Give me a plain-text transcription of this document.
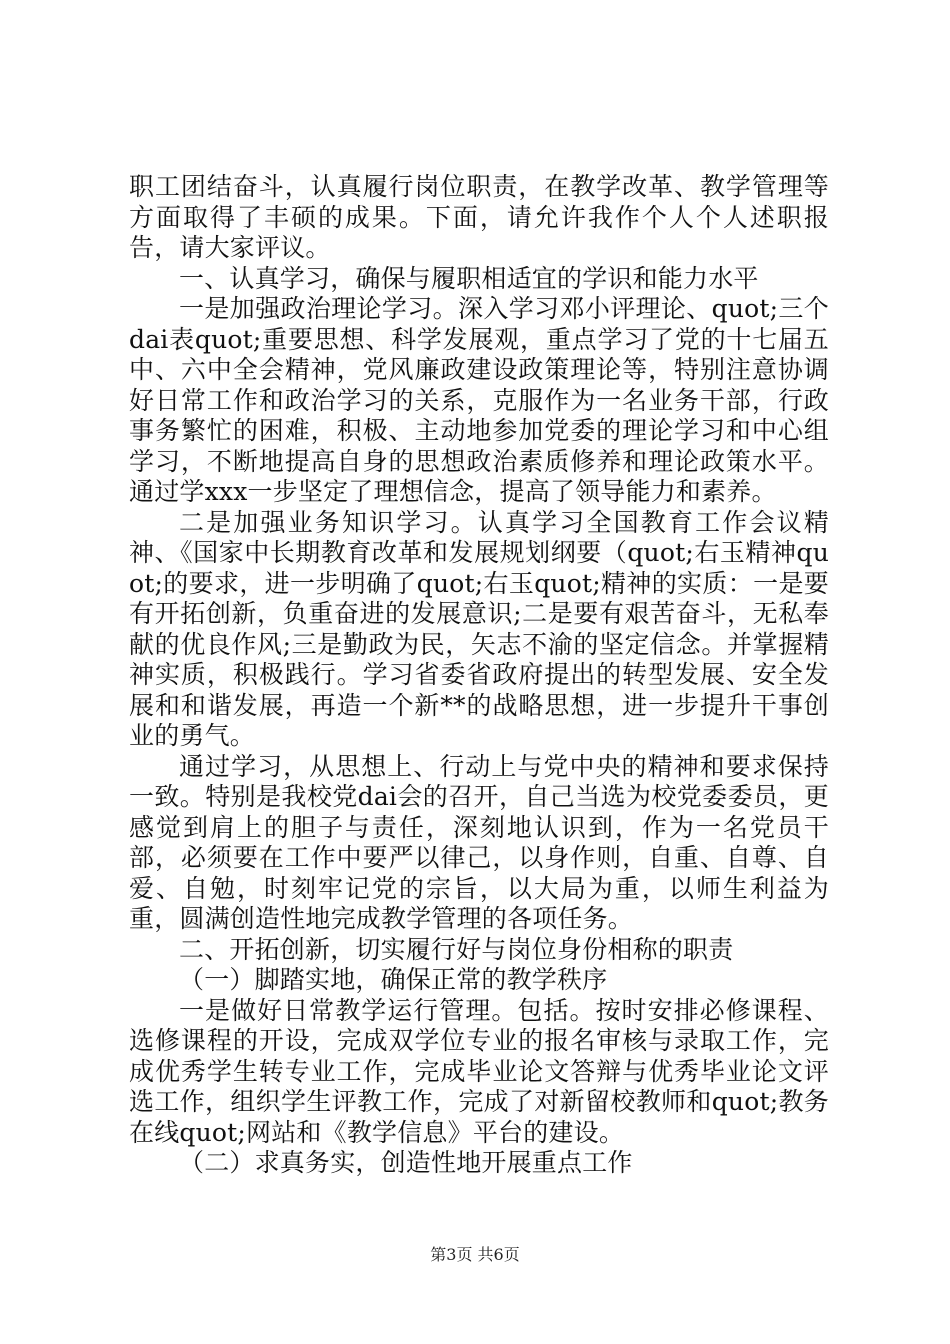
职工团结奋斗，认真履行岗位职责，在教学改革、教学管理等方面取得了丰硕的成果。下面，请允许我作个人个人述职报告，请大家评议。

一、认真学习，确保与履职相适宜的学识和能力水平

一是加强政治理论学习。深入学习邓小评理论、quot;三个dai表quot;重要思想、科学发展观，重点学习了党的十七届五中、六中全会精神，党风廉政建设政策理论等，特别注意协调好日常工作和政治学习的关系，克服作为一名业务干部，行政事务繁忙的困难，积极、主动地参加党委的理论学习和中心组学习，不断地提高自身的思想政治素质修养和理论政策水平。通过学xxx一步坚定了理想信念，提高了领导能力和素养。

二是加强业务知识学习。认真学习全国教育工作会议精神、《国家中长期教育改革和发展规划纲要（quot;右玉精神quot;的要求，进一步明确了quot;右玉quot;精神的实质：一是要有开拓创新，负重奋进的发展意识;二是要有艰苦奋斗，无私奉献的优良作风;三是勤政为民，矢志不渝的坚定信念。并掌握精神实质，积极践行。学习省委省政府提出的转型发展、安全发展和和谐发展，再造一个新**的战略思想，进一步提升干事创业的勇气。

通过学习，从思想上、行动上与党中央的精神和要求保持一致。特别是我校党dai会的召开，自己当选为校党委委员，更感觉到肩上的胆子与责任，深刻地认识到，作为一名党员干部，必须要在工作中要严以律己，以身作则，自重、自尊、自爱、自勉，时刻牢记党的宗旨，以大局为重，以师生利益为重，圆满创造性地完成教学管理的各项任务。

二、开拓创新，切实履行好与岗位身份相称的职责

（一）脚踏实地，确保正常的教学秩序

一是做好日常教学运行管理。包括。按时安排必修课程、选修课程的开设，完成双学位专业的报名审核与录取工作，完成优秀学生转专业工作，完成毕业论文答辩与优秀毕业论文评选工作，组织学生评教工作，完成了对新留校教师和quot;教务在线quot;网站和《教学信息》平台的建设。

（二）求真务实，创造性地开展重点工作

第3页 共6页
